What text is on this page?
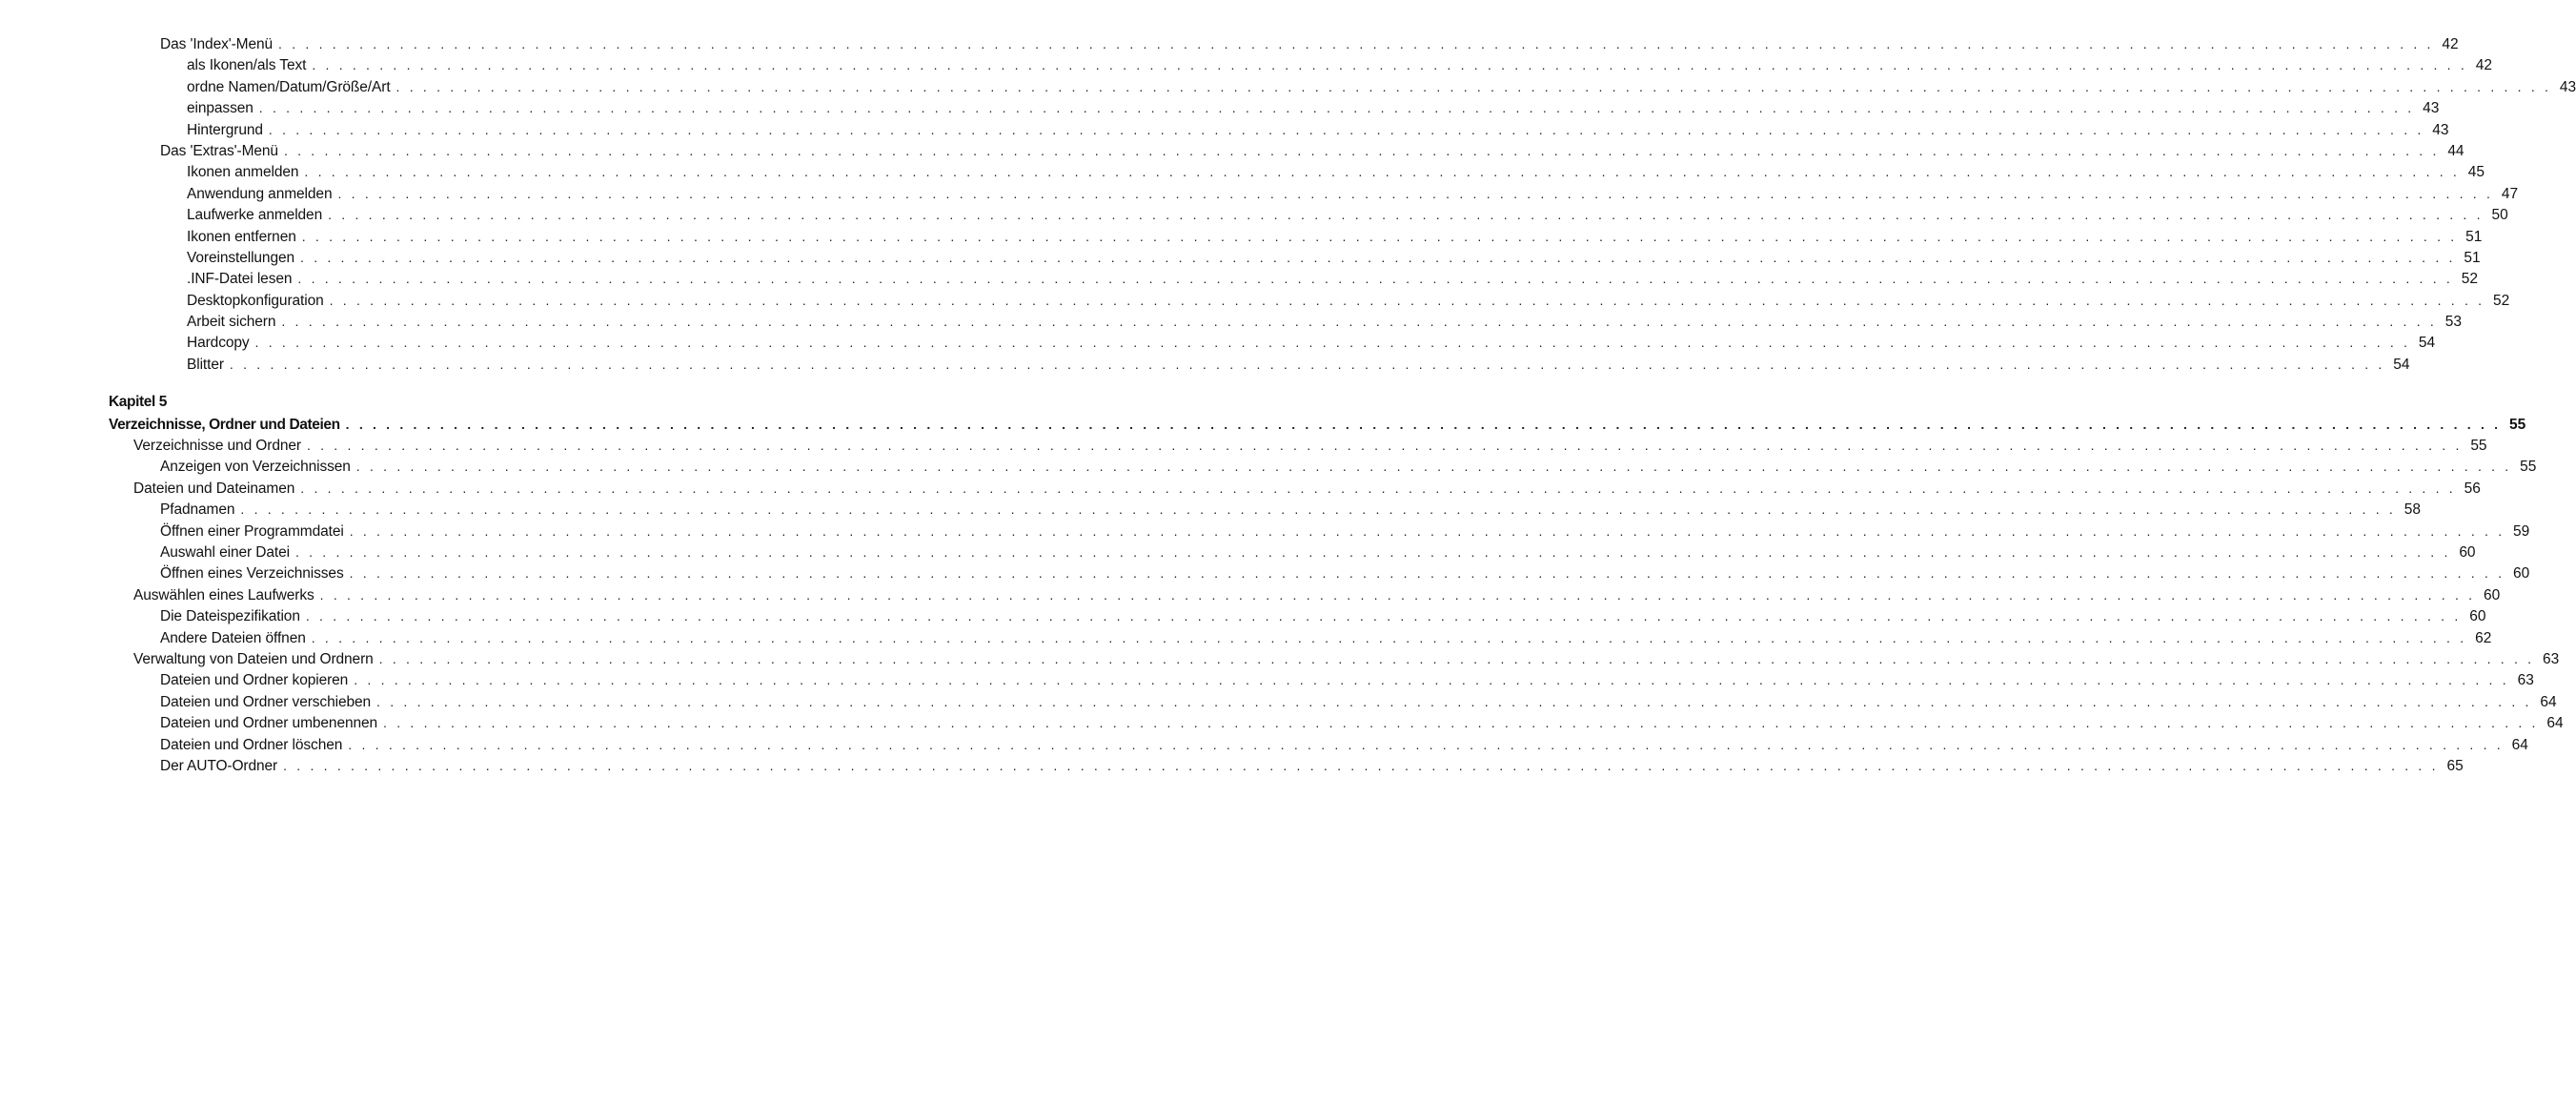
Das 'Index'-Menü . . . . . . . . . . . . . . . . . . . . . . . . . . . . . . . . . . . . . . . . . . . . . . . . . . . . . . . . . . . . . . . . . . . . . . . . . . . . . . . . . . . . . . . . . . . . . . . . . . . . . . . . . . . . . . . . . . . . . . . . . . . . . . . . . . . . . . . . . . . . . . . . . . . . . . . . . . . . . . . . 42
als Ikonen/als Text . . . . . . . . . . . . . . . . . . . . . . . . . . . . . . . . . . . . . . . . . . . . . . . . . . . . . . . . . . . . . . . . . . . . . . . . . . . . . . . . . . . . . . . . . . . . . . . . . . . . . . . . . . . . . . . . . . . . . . . . . . . . . . . . . . . . . . . . . . . . . . . . . . . . . . . . . . . . . . . . 42
ordne Namen/Datum/Größe/Art . . . . . . . . . . . . . . . . . . . . . . . . . . . . . . . . . . . . . . . . . . . . . . . . . . . . . . . . . . . . . . . . . . . . . . . . . . . . . . . . . . . . . . . . . . . . . . . . . . . . . . . . . . . . . . . . . . . . . . . . . . . . . . . . . . . . . . . . . . . . . . . . . . . . . . . . . . . . . . . . 43
einpassen . . . . . . . . . . . . . . . . . . . . . . . . . . . . . . . . . . . . . . . . . . . . . . . . . . . . . . . . . . . . . . . . . . . . . . . . . . . . . . . . . . . . . . . . . . . . . . . . . . . . . . . . . . . . . . . . . . . . . . . . . . . . . . . . . . . . . . . . . . . . . . . . . . . . . . . . . . . . . . . . 43
Hintergrund . . . . . . . . . . . . . . . . . . . . . . . . . . . . . . . . . . . . . . . . . . . . . . . . . . . . . . . . . . . . . . . . . . . . . . . . . . . . . . . . . . . . . . . . . . . . . . . . . . . . . . . . . . . . . . . . . . . . . . . . . . . . . . . . . . . . . . . . . . . . . . . . . . . . . . . . . . . . . . . . 43
Das 'Extras'-Menü . . . . . . . . . . . . . . . . . . . . . . . . . . . . . . . . . . . . . . . . . . . . . . . . . . . . . . . . . . . . . . . . . . . . . . . . . . . . . . . . . . . . . . . . . . . . . . . . . . . . . . . . . . . . . . . . . . . . . . . . . . . . . . . . . . . . . . . . . . . . . . . . . . . . . . . . . . . . . . . . 44
Ikonen anmelden . . . . . . . . . . . . . . . . . . . . . . . . . . . . . . . . . . . . . . . . . . . . . . . . . . . . . . . . . . . . . . . . . . . . . . . . . . . . . . . . . . . . . . . . . . . . . . . . . . . . . . . . . . . . . . . . . . . . . . . . . . . . . . . . . . . . . . . . . . . . . . . . . . . . . . . . . . . . . . . . 45
Anwendung anmelden . . . . . . . . . . . . . . . . . . . . . . . . . . . . . . . . . . . . . . . . . . . . . . . . . . . . . . . . . . . . . . . . . . . . . . . . . . . . . . . . . . . . . . . . . . . . . . . . . . . . . . . . . . . . . . . . . . . . . . . . . . . . . . . . . . . . . . . . . . . . . . . . . . . . . . . . . . . . . . . . 47
Laufwerke anmelden . . . . . . . . . . . . . . . . . . . . . . . . . . . . . . . . . . . . . . . . . . . . . . . . . . . . . . . . . . . . . . . . . . . . . . . . . . . . . . . . . . . . . . . . . . . . . . . . . . . . . . . . . . . . . . . . . . . . . . . . . . . . . . . . . . . . . . . . . . . . . . . . . . . . . . . . . . . . . . . . 50
Ikonen entfernen . . . . . . . . . . . . . . . . . . . . . . . . . . . . . . . . . . . . . . . . . . . . . . . . . . . . . . . . . . . . . . . . . . . . . . . . . . . . . . . . . . . . . . . . . . . . . . . . . . . . . . . . . . . . . . . . . . . . . . . . . . . . . . . . . . . . . . . . . . . . . . . . . . . . . . . . . . . . . . . . 51
Voreinstellungen . . . . . . . . . . . . . . . . . . . . . . . . . . . . . . . . . . . . . . . . . . . . . . . . . . . . . . . . . . . . . . . . . . . . . . . . . . . . . . . . . . . . . . . . . . . . . . . . . . . . . . . . . . . . . . . . . . . . . . . . . . . . . . . . . . . . . . . . . . . . . . . . . . . . . . . . . . . . . . . . 51
.INF-Datei lesen . . . . . . . . . . . . . . . . . . . . . . . . . . . . . . . . . . . . . . . . . . . . . . . . . . . . . . . . . . . . . . . . . . . . . . . . . . . . . . . . . . . . . . . . . . . . . . . . . . . . . . . . . . . . . . . . . . . . . . . . . . . . . . . . . . . . . . . . . . . . . . . . . . . . . . . . . . . . . . . . 52
Desktopkonfiguration . . . . . . . . . . . . . . . . . . . . . . . . . . . . . . . . . . . . . . . . . . . . . . . . . . . . . . . . . . . . . . . . . . . . . . . . . . . . . . . . . . . . . . . . . . . . . . . . . . . . . . . . . . . . . . . . . . . . . . . . . . . . . . . . . . . . . . . . . . . . . . . . . . . . . . . . . . . . . . . . 52
Arbeit sichern . . . . . . . . . . . . . . . . . . . . . . . . . . . . . . . . . . . . . . . . . . . . . . . . . . . . . . . . . . . . . . . . . . . . . . . . . . . . . . . . . . . . . . . . . . . . . . . . . . . . . . . . . . . . . . . . . . . . . . . . . . . . . . . . . . . . . . . . . . . . . . . . . . . . . . . . . . . . . . . . 53
Hardcopy . . . . . . . . . . . . . . . . . . . . . . . . . . . . . . . . . . . . . . . . . . . . . . . . . . . . . . . . . . . . . . . . . . . . . . . . . . . . . . . . . . . . . . . . . . . . . . . . . . . . . . . . . . . . . . . . . . . . . . . . . . . . . . . . . . . . . . . . . . . . . . . . . . . . . . . . . . . . . . . . 54
Blitter . . . . . . . . . . . . . . . . . . . . . . . . . . . . . . . . . . . . . . . . . . . . . . . . . . . . . . . . . . . . . . . . . . . . . . . . . . . . . . . . . . . . . . . . . . . . . . . . . . . . . . . . . . . . . . . . . . . . . . . . . . . . . . . . . . . . . . . . . . . . . . . . . . . . . . . . . . . . . . . . 54
Kapitel 5
Verzeichnisse, Ordner und Dateien . . . . . . . . . . . . . . . . . . . . . . . . . . . . . . . . . . . . . . . . . . . . . . . . . . . . . . . . . . . . . . . . . . . . . . . . . . . . . . . . . . . . . . . . . . . . . . . . . . . . . . . . . . . . . . . . . . . . . . . . . . . . . . . . . . . . . . . . . . . . . . . . . . . . . . . . . . . . . . . . 55
Verzeichnisse und Ordner . . . . . . . . . . . . . . . . . . . . . . . . . . . . . . . . . . . . . . . . . . . . . . . . . . . . . . . . . . . . . . . . . . . . . . . . . . . . . . . . . . . . . . . . . . . . . . . . . . . . . . . . . . . . . . . . . . . . . . . . . . . . . . . . . . . . . . . . . . . . . . . . . . . . . . . . . . . . . . . . 55
Anzeigen von Verzeichnissen . . . . . . . . . . . . . . . . . . . . . . . . . . . . . . . . . . . . . . . . . . . . . . . . . . . . . . . . . . . . . . . . . . . . . . . . . . . . . . . . . . . . . . . . . . . . . . . . . . . . . . . . . . . . . . . . . . . . . . . . . . . . . . . . . . . . . . . . . . . . . . . . . . . . . . . . . . . . . . . . 55
Dateien und Dateinamen . . . . . . . . . . . . . . . . . . . . . . . . . . . . . . . . . . . . . . . . . . . . . . . . . . . . . . . . . . . . . . . . . . . . . . . . . . . . . . . . . . . . . . . . . . . . . . . . . . . . . . . . . . . . . . . . . . . . . . . . . . . . . . . . . . . . . . . . . . . . . . . . . . . . . . . . . . . . . . . . 56
Pfadnamen . . . . . . . . . . . . . . . . . . . . . . . . . . . . . . . . . . . . . . . . . . . . . . . . . . . . . . . . . . . . . . . . . . . . . . . . . . . . . . . . . . . . . . . . . . . . . . . . . . . . . . . . . . . . . . . . . . . . . . . . . . . . . . . . . . . . . . . . . . . . . . . . . . . . . . . . . . . . . . . . 58
Öffnen einer Programmdatei . . . . . . . . . . . . . . . . . . . . . . . . . . . . . . . . . . . . . . . . . . . . . . . . . . . . . . . . . . . . . . . . . . . . . . . . . . . . . . . . . . . . . . . . . . . . . . . . . . . . . . . . . . . . . . . . . . . . . . . . . . . . . . . . . . . . . . . . . . . . . . . . . . . . . . . . . . . . . . . . 59
Auswahl einer Datei . . . . . . . . . . . . . . . . . . . . . . . . . . . . . . . . . . . . . . . . . . . . . . . . . . . . . . . . . . . . . . . . . . . . . . . . . . . . . . . . . . . . . . . . . . . . . . . . . . . . . . . . . . . . . . . . . . . . . . . . . . . . . . . . . . . . . . . . . . . . . . . . . . . . . . . . . . . . . . . . 60
Öffnen eines Verzeichnisses . . . . . . . . . . . . . . . . . . . . . . . . . . . . . . . . . . . . . . . . . . . . . . . . . . . . . . . . . . . . . . . . . . . . . . . . . . . . . . . . . . . . . . . . . . . . . . . . . . . . . . . . . . . . . . . . . . . . . . . . . . . . . . . . . . . . . . . . . . . . . . . . . . . . . . . . . . . . . . . . 60
Auswählen eines Laufwerks . . . . . . . . . . . . . . . . . . . . . . . . . . . . . . . . . . . . . . . . . . . . . . . . . . . . . . . . . . . . . . . . . . . . . . . . . . . . . . . . . . . . . . . . . . . . . . . . . . . . . . . . . . . . . . . . . . . . . . . . . . . . . . . . . . . . . . . . . . . . . . . . . . . . . . . . . . . . . . . . 60
Die Dateispezifikation . . . . . . . . . . . . . . . . . . . . . . . . . . . . . . . . . . . . . . . . . . . . . . . . . . . . . . . . . . . . . . . . . . . . . . . . . . . . . . . . . . . . . . . . . . . . . . . . . . . . . . . . . . . . . . . . . . . . . . . . . . . . . . . . . . . . . . . . . . . . . . . . . . . . . . . . . . . . . . . . 60
Andere Dateien öffnen . . . . . . . . . . . . . . . . . . . . . . . . . . . . . . . . . . . . . . . . . . . . . . . . . . . . . . . . . . . . . . . . . . . . . . . . . . . . . . . . . . . . . . . . . . . . . . . . . . . . . . . . . . . . . . . . . . . . . . . . . . . . . . . . . . . . . . . . . . . . . . . . . . . . . . . . . . . . . . . . 62
Verwaltung von Dateien und Ordnern . . . . . . . . . . . . . . . . . . . . . . . . . . . . . . . . . . . . . . . . . . . . . . . . . . . . . . . . . . . . . . . . . . . . . . . . . . . . . . . . . . . . . . . . . . . . . . . . . . . . . . . . . . . . . . . . . . . . . . . . . . . . . . . . . . . . . . . . . . . . . . . . . . . . . . . . . . . . . . . . 63
Dateien und Ordner kopieren . . . . . . . . . . . . . . . . . . . . . . . . . . . . . . . . . . . . . . . . . . . . . . . . . . . . . . . . . . . . . . . . . . . . . . . . . . . . . . . . . . . . . . . . . . . . . . . . . . . . . . . . . . . . . . . . . . . . . . . . . . . . . . . . . . . . . . . . . . . . . . . . . . . . . . . . . . . . . . . . 63
Dateien und Ordner verschieben . . . . . . . . . . . . . . . . . . . . . . . . . . . . . . . . . . . . . . . . . . . . . . . . . . . . . . . . . . . . . . . . . . . . . . . . . . . . . . . . . . . . . . . . . . . . . . . . . . . . . . . . . . . . . . . . . . . . . . . . . . . . . . . . . . . . . . . . . . . . . . . . . . . . . . . . . . . . . . . . 64
Dateien und Ordner umbenennen . . . . . . . . . . . . . . . . . . . . . . . . . . . . . . . . . . . . . . . . . . . . . . . . . . . . . . . . . . . . . . . . . . . . . . . . . . . . . . . . . . . . . . . . . . . . . . . . . . . . . . . . . . . . . . . . . . . . . . . . . . . . . . . . . . . . . . . . . . . . . . . . . . . . . . . . . . . . . . . . 64
Dateien und Ordner löschen . . . . . . . . . . . . . . . . . . . . . . . . . . . . . . . . . . . . . . . . . . . . . . . . . . . . . . . . . . . . . . . . . . . . . . . . . . . . . . . . . . . . . . . . . . . . . . . . . . . . . . . . . . . . . . . . . . . . . . . . . . . . . . . . . . . . . . . . . . . . . . . . . . . . . . . . . . . . . . . . 64
Der AUTO-Ordner . . . . . . . . . . . . . . . . . . . . . . . . . . . . . . . . . . . . . . . . . . . . . . . . . . . . . . . . . . . . . . . . . . . . . . . . . . . . . . . . . . . . . . . . . . . . . . . . . . . . . . . . . . . . . . . . . . . . . . . . . . . . . . . . . . . . . . . . . . . . . . . . . . . . . . . . . . . . . . . . 65
